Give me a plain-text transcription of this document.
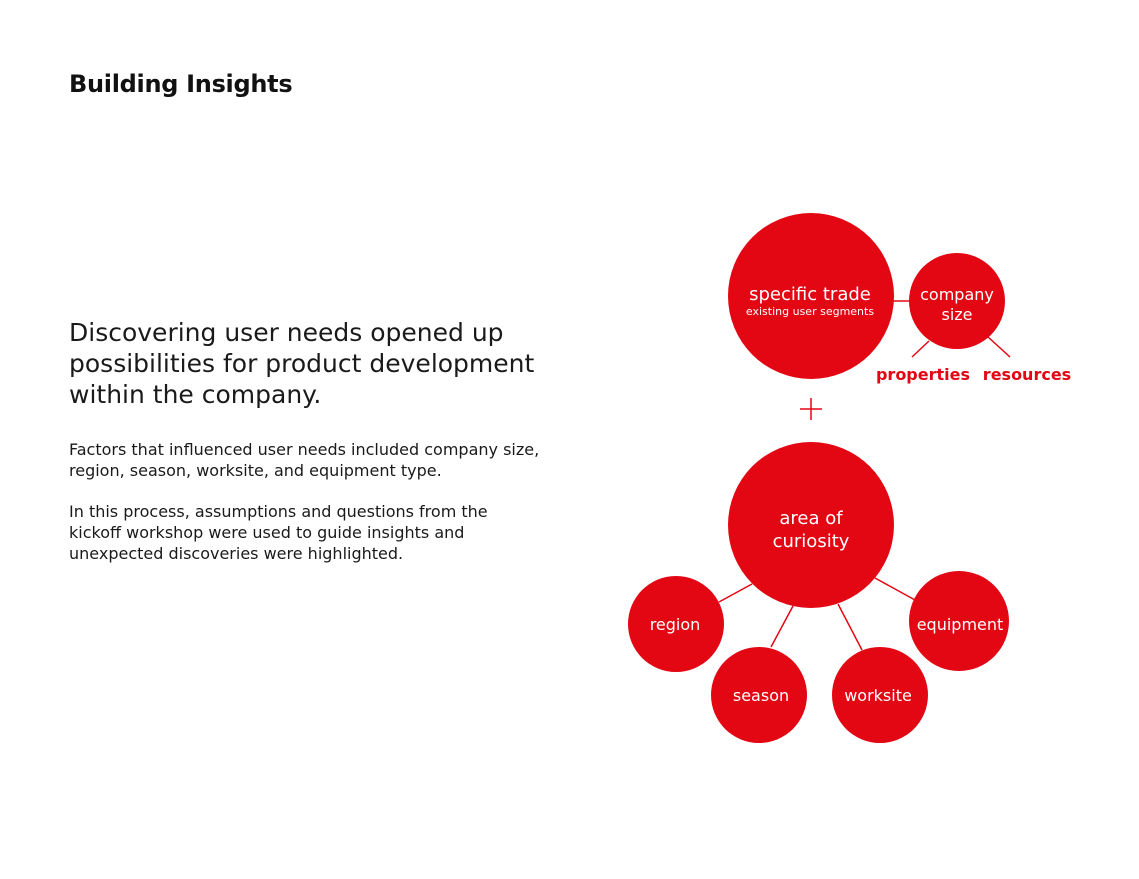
Building Insights
Discovering user needs opened up possibilities for product development within the company.

Factors that influenced user needs included company size, region, season, worksite, and equipment type.

In this process, assumptions and questions from the kickoff workshop were used to guide insights and unexpected discoveries were highlighted.

specific trade
existing user segments
company
size
properties resources
area of
curiosity
region
season	worksite
equipment
